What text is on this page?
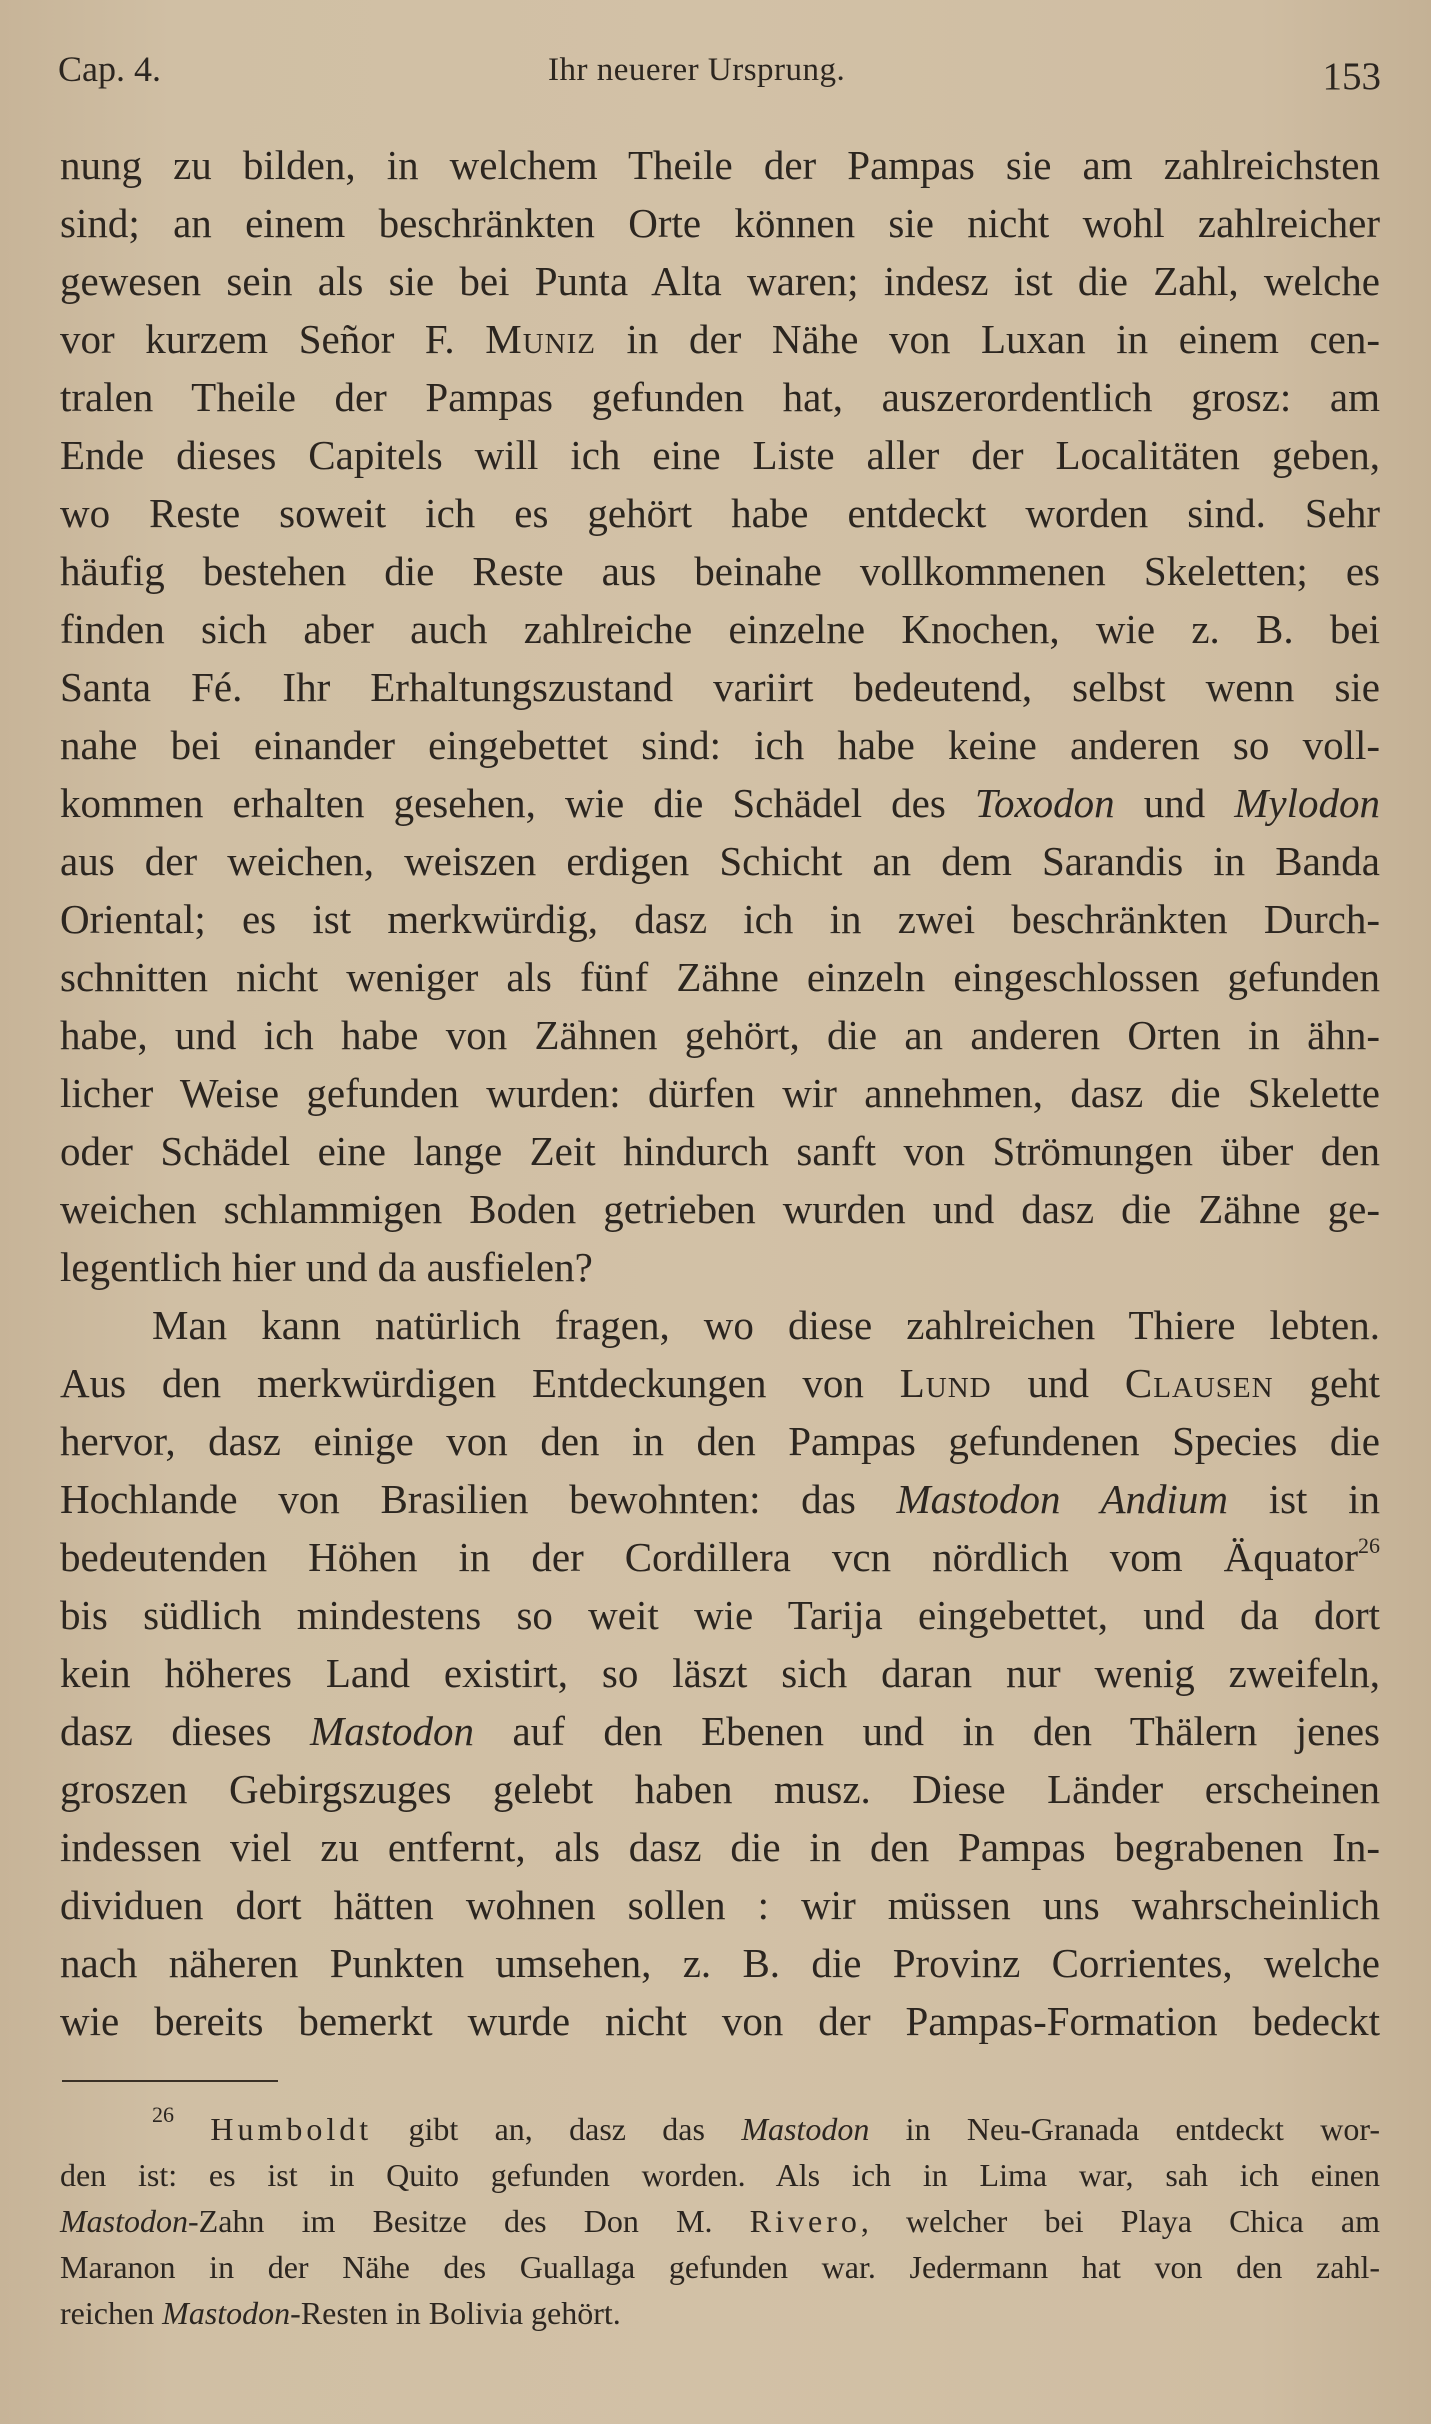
Cap. 4.	Ihr neuerer Ursprung.	153
nung zu bilden, in welchem Theile der Pampas sie am zahlreichsten
sind; an einem beschränkten Orte können sie nicht wohl zahlreicher
gewesen sein als sie bei Punta Alta waren; indesz ist die Zahl, welche
vor kurzem Señor F. Muniz in der Nähe von Luxan in einem cen-
tralen Theile der Pampas gefunden hat, auszerordentlich grosz: am
Ende dieses Capitels will ich eine Liste aller der Localitäten geben,
wo Reste soweit ich es gehört habe entdeckt worden sind. Sehr
häufig bestehen die Reste aus beinahe vollkommenen Skeletten; es
finden sich aber auch zahlreiche einzelne Knochen, wie z. B. bei
Santa Fé. Ihr Erhaltungszustand variirt bedeutend, selbst wenn sie
nahe bei einander eingebettet sind: ich habe keine anderen so voll-
kommen erhalten gesehen, wie die Schädel des Toxodon und Mylodon
aus der weichen, weiszen erdigen Schicht an dem Sarandis in Banda
Oriental; es ist merkwürdig, dasz ich in zwei beschränkten Durch-
schnitten nicht weniger als fünf Zähne einzeln eingeschlossen gefunden
habe, und ich habe von Zähnen gehört, die an anderen Orten in ähn-
licher Weise gefunden wurden: dürfen wir annehmen, dasz die Skelette
oder Schädel eine lange Zeit hindurch sanft von Strömungen über den
weichen schlammigen Boden getrieben wurden und dasz die Zähne ge-
legentlich hier und da ausfielen?
Man kann natürlich fragen, wo diese zahlreichen Thiere lebten.
Aus den merkwürdigen Entdeckungen von Lund und Clausen geht
hervor, dasz einige von den in den Pampas gefundenen Species die
Hochlande von Brasilien bewohnten: das Mastodon Andium ist in
bedeutenden Höhen in der Cordillera vcn nördlich vom Äquator$^{26}$
bis südlich mindestens so weit wie Tarija eingebettet, und da dort
kein höheres Land existirt, so läszt sich daran nur wenig zweifeln,
dasz dieses Mastodon auf den Ebenen und in den Thälern jenes
groszen Gebirgszuges gelebt haben musz. Diese Länder erscheinen
indessen viel zu entfernt, als dasz die in den Pampas begrabenen In-
dividuen dort hätten wohnen sollen : wir müssen uns wahrscheinlich
nach näheren Punkten umsehen, z. B. die Provinz Corrientes, welche
wie bereits bemerkt wurde nicht von der Pampas-Formation bedeckt
$^{26}$ Humboldt gibt an, dasz das Mastodon in Neu-Granada entdeckt wor-
den ist: es ist in Quito gefunden worden. Als ich in Lima war, sah ich einen
Mastodon-Zahn im Besitze des Don M. Rivero, welcher bei Playa Chica am
Maranon in der Nähe des Guallaga gefunden war. Jedermann hat von den zahl-
reichen Mastodon-Resten in Bolivia gehört.
